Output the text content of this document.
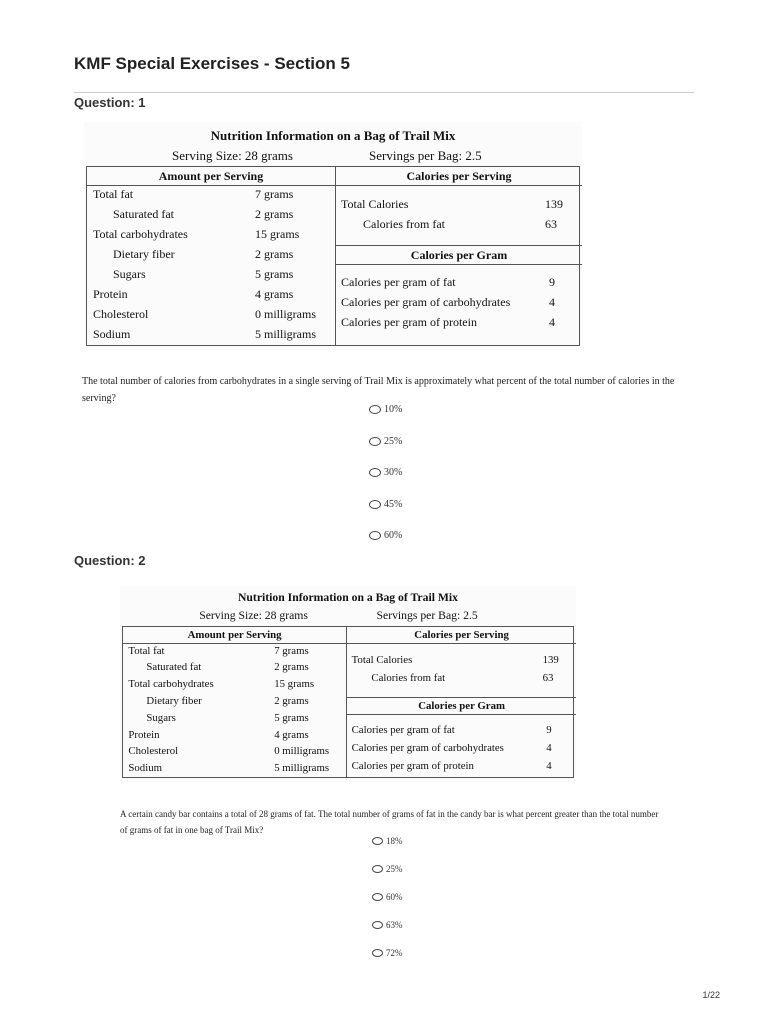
KMF Special Exercises - Section 5
Question: 1
Nutrition Information on a Bag of Trail Mix
Serving Size: 28 grams	Servings per Bag: 2.5
Amount per Serving
Total fat	7 grams
Saturated fat	2 grams
Total carbohydrates	15 grams
Dietary fiber	2 grams
Sugars	5 grams
Protein	4 grams
Cholesterol	0 milligrams
Sodium	5 milligrams
Calories per Serving
Total Calories	139
Calories from fat	63
Calories per Gram
Calories per gram of fat	9
Calories per gram of carbohydrates	4
Calories per gram of protein	4
The total number of calories from carbohydrates in a single serving of Trail Mix is approximately what percent of the total number of calories in the serving?
10%
25%
30%
45%
60%
Question: 2
Nutrition Information on a Bag of Trail Mix
Serving Size: 28 grams	Servings per Bag: 2.5
Amount per Serving
Total fat	7 grams
Saturated fat	2 grams
Total carbohydrates	15 grams
Dietary fiber	2 grams
Sugars	5 grams
Protein	4 grams
Cholesterol	0 milligrams
Sodium	5 milligrams
Calories per Serving
Total Calories	139
Calories from fat	63
Calories per Gram
Calories per gram of fat	9
Calories per gram of carbohydrates	4
Calories per gram of protein	4
A certain candy bar contains a total of 28 grams of fat. The total number of grams of fat in the candy bar is what percent greater than the total number of grams of fat in one bag of Trail Mix?
18%
25%
60%
63%
72%
1/22
